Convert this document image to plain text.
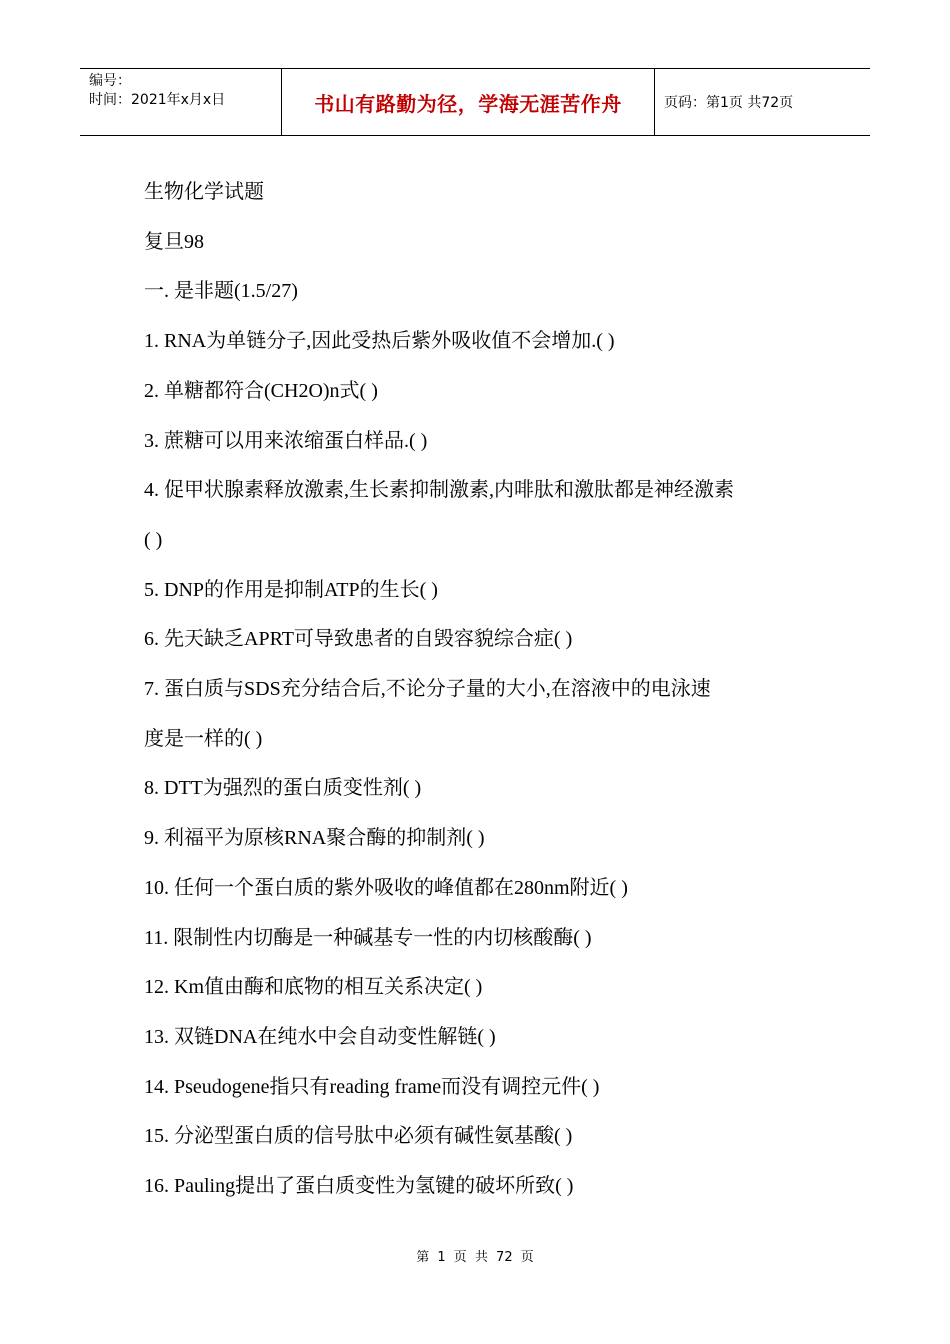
编号：
时间：2021年x月x日	书山有路勤为径，学海无涯苦作舟	页码：第1页 共72页

生物化学试题

复旦98

一. 是非题(1.5/27)

1. RNA为单链分子,因此受热后紫外吸收值不会增加.( )

2. 单糖都符合(CH2O)n式( )

3. 蔗糖可以用来浓缩蛋白样品.( )

4. 促甲状腺素释放激素,生长素抑制激素,内啡肽和激肽都是神经激素

( )

5. DNP的作用是抑制ATP的生长( )

6. 先天缺乏APRT可导致患者的自毁容貌综合症( )

7. 蛋白质与SDS充分结合后,不论分子量的大小,在溶液中的电泳速

度是一样的( )

8. DTT为强烈的蛋白质变性剂( )

9. 利福平为原核RNA聚合酶的抑制剂( )

10. 任何一个蛋白质的紫外吸收的峰值都在280nm附近( )

11. 限制性内切酶是一种碱基专一性的内切核酸酶( )

12. Km值由酶和底物的相互关系决定( )

13. 双链DNA在纯水中会自动变性解链( )

14. Pseudogene指只有reading frame而没有调控元件( )

15. 分泌型蛋白质的信号肽中必须有碱性氨基酸( )

16. Pauling提出了蛋白质变性为氢键的破坏所致( )

第 1 页 共 72 页
